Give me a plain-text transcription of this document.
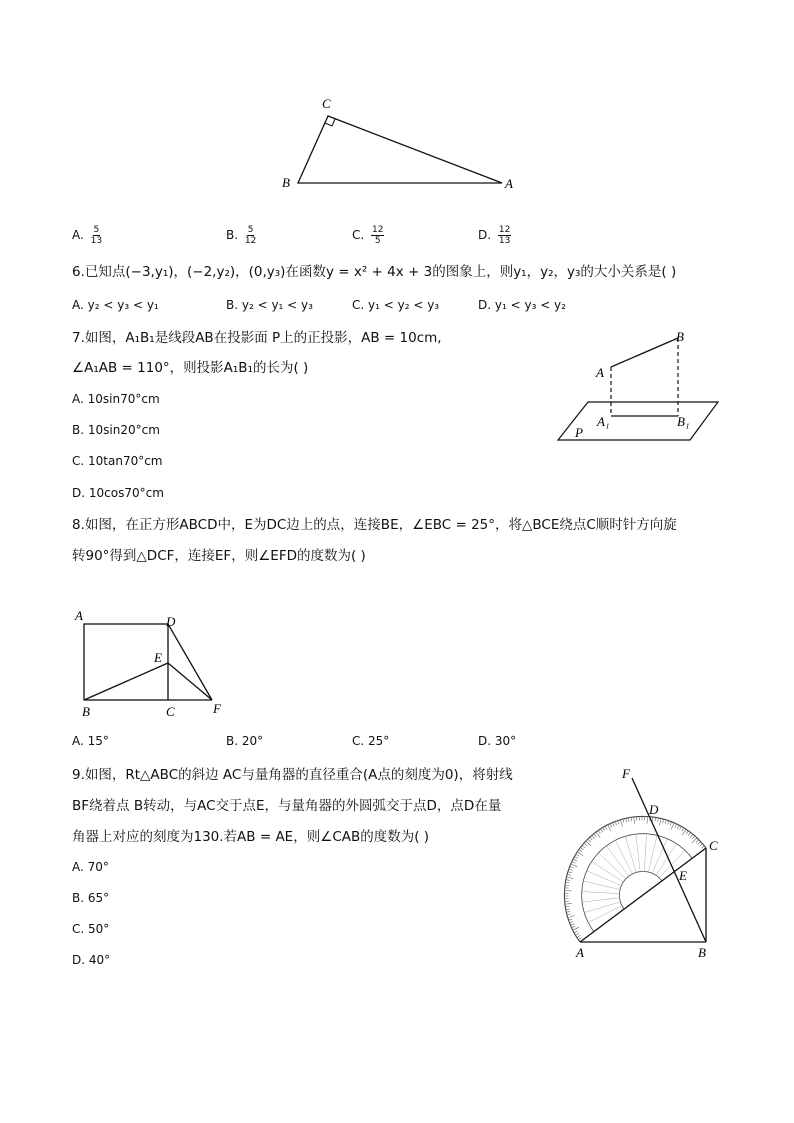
C
B	A
A. $\frac{5}{13}$	B. $\frac{5}{12}$	C. $\frac{12}{5}$	D. $\frac{12}{13}$
6.已知点(−3,y₁)，(−2,y₂)，(0,y₃)在函数y = x² + 4x + 3的图象上，则y₁，y₂，y₃的大小关系是( )
A. y₂ < y₃ < y₁	B. y₂ < y₁ < y₃	C. y₁ < y₂ < y₃	D. y₁ < y₃ < y₂
7.如图，A₁B₁是线段AB在投影面 P上的正投影，AB = 10cm,
∠A₁AB = 110°，则投影A₁B₁的长为( )
A. 10sin70°cm
B. 10sin20°cm
C. 10tan70°cm
D. 10cos70°cm
A
B
A₁	B₁
P
8.如图，在正方形ABCD中，E为DC边上的点，连接BE，∠EBC = 25°，将△BCE绕点C顺时针方向旋
转90°得到△DCF，连接EF，则∠EFD的度数为( )
A	D
E
B	C	F
A. 15°	B. 20°	C. 25°	D. 30°
9.如图，Rt△ABC的斜边 AC与量角器的直径重合(A点的刻度为0)，将射线
BF绕着点 B转动，与AC交于点E，与量角器的外圆弧交于点D，点D在量
角器上对应的刻度为130.若AB = AE，则∠CAB的度数为( )
A. 70°
B. 65°
C. 50°
D. 40°
F
D
C
E
A	B
